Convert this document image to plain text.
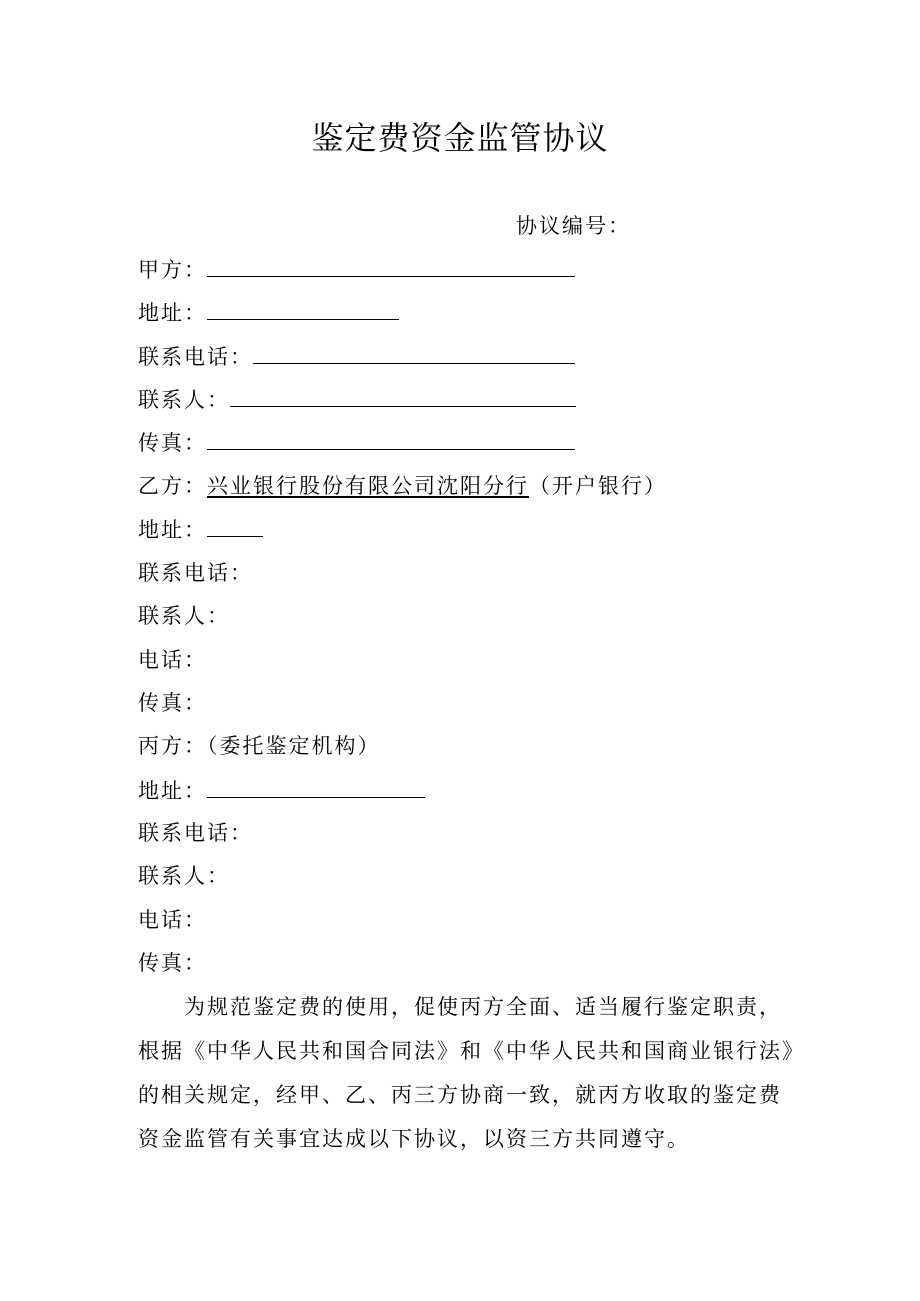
鉴定费资金监管协议
协议编号：
甲方：
地址：
联系电话：
联系人：
传真：
乙方：兴业银行股份有限公司沈阳分行（开户银行）
地址：
联系电话：
联系人：
电话：
传真：
丙方：（委托鉴定机构）
地址：
联系电话：
联系人：
电话：
传真：

为规范鉴定费的使用，促使丙方全面、适当履行鉴定职责，

根据《中华人民共和国合同法》和《中华人民共和国商业银行法》

的相关规定，经甲、乙、丙三方协商一致，就丙方收取的鉴定费

资金监管有关事宜达成以下协议，以资三方共同遵守。
